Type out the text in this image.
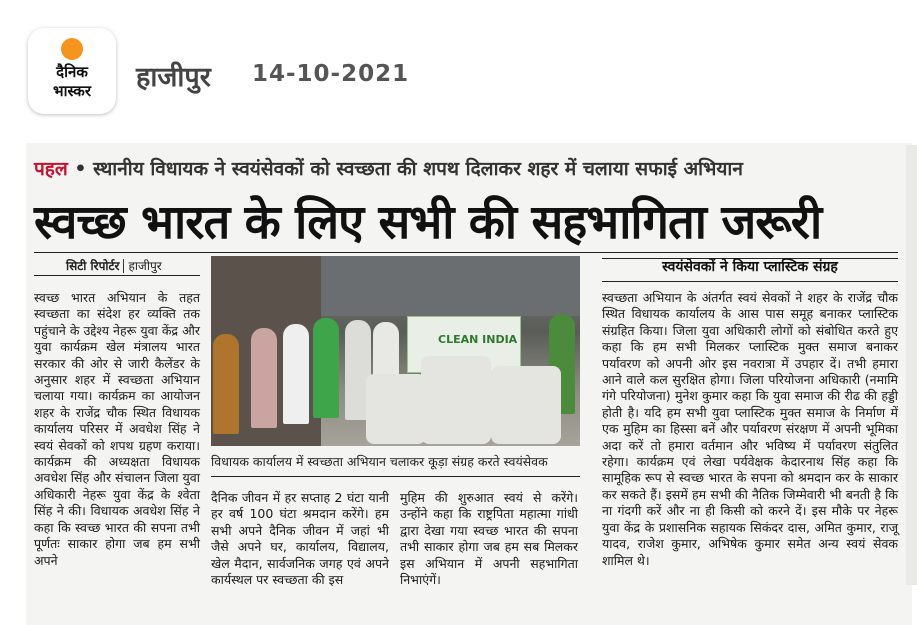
दैनिक
भास्कर	हाजीपुर 14-10-2021
पहल • स्थानीय विधायक ने स्वयंसेवकों को स्वच्छता की शपथ दिलाकर शहर में चलाया सफाई अभियान
स्वच्छ भारत के लिए सभी की सहभागिता जरूरी
सिटी रिपोर्टर हाजीपुर
स्वच्छ भारत अभियान के तहत स्वच्छता का संदेश हर व्यक्ति तक पहुंचाने के उद्देश्य नेहरू युवा केंद्र और युवा कार्यक्रम खेल मंत्रालय भारत सरकार की ओर से जारी कैलेंडर के अनुसार शहर में स्वच्छता अभियान चलाया गया। कार्यक्रम का आयोजन शहर के राजेंद्र चौक स्थित विधायक कार्यालय परिसर में अवधेश सिंह ने स्वयं सेवकों को शपथ ग्रहण कराया। कार्यक्रम की अध्यक्षता विधायक अवधेश सिंह और संचालन जिला युवा अधिकारी नेहरू युवा केंद्र के श्वेता सिंह ने की। विधायक अवधेश सिंह ने कहा कि स्वच्छ भारत की सपना तभी पूर्णतः साकार होगा जब हम सभी अपने
CLEAN INDIA
विधायक कार्यालय में स्वच्छता अभियान चलाकर कूड़ा संग्रह करते स्वयंसेवक
दैनिक जीवन में हर सप्ताह 2 घंटा यानी हर वर्ष 100 घंटा श्रमदान करेंगे। हम सभी अपने दैनिक जीवन में जहां भी जैसे अपने घर, कार्यालय, विद्यालय, खेल मैदान, सार्वजनिक जगह एवं अपने कार्यस्थल पर स्वच्छता की इस
मुहिम की शुरुआत स्वयं से करेंगे। उन्होंने कहा कि राष्ट्रपिता महात्मा गांधी द्वारा देखा गया स्वच्छ भारत की सपना तभी साकार होगा जब हम सब मिलकर इस अभियान में अपनी सहभागिता निभाएंगें।
स्वयंसेवकों ने किया प्लास्टिक संग्रह
स्वच्छता अभियान के अंतर्गत स्वयं सेवकों ने शहर के राजेंद्र चौक स्थित विधायक कार्यालय के आस पास समूह बनाकर प्लास्टिक संग्रहित किया। जिला युवा अधिकारी लोगों को संबोधित करते हुए कहा कि हम सभी मिलकर प्लास्टिक मुक्त समाज बनाकर पर्यावरण को अपनी ओर इस नवरात्रा में उपहार दें। तभी हमारा आने वाले कल सुरक्षित होगा। जिला परियोजना अधिकारी (नमामि गंगे परियोजना) मुनेश कुमार कहा कि युवा समाज की रीढ की हड्डी होती है। यदि हम सभी युवा प्लास्टिक मुक्त समाज के निर्माण में एक मुहिम का हिस्सा बनें और पर्यावरण संरक्षण में अपनी भूमिका अदा करें तो हमारा वर्तमान और भविष्य में पर्यावरण संतुलित रहेगा। कार्यक्रम एवं लेखा पर्यवेक्षक केदारनाथ सिंह कहा कि सामूहिक रूप से स्वच्छ भारत के सपना को श्रमदान कर के साकार कर सकते हैं। इसमें हम सभी की नैतिक जिम्मेवारी भी बनती है कि ना गंदगी करें और ना ही किसी को करने दें। इस मौके पर नेहरू युवा केंद्र के प्रशासनिक सहायक सिकंदर दास, अमित कुमार, राजू यादव, राजेश कुमार, अभिषेक कुमार समेत अन्य स्वयं सेवक शामिल थे।
